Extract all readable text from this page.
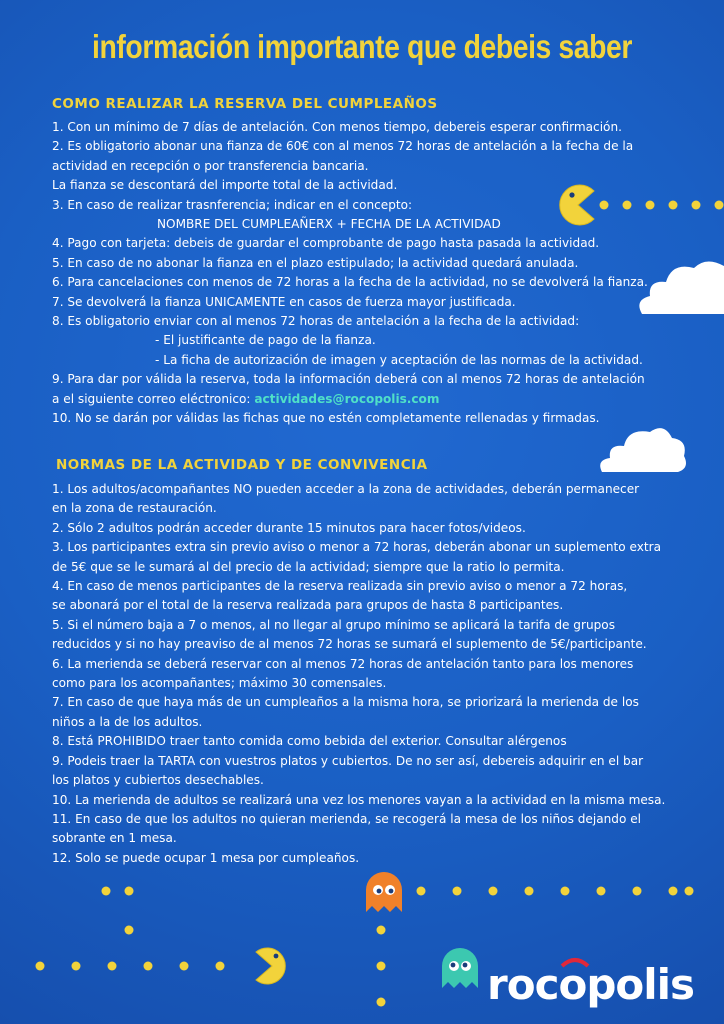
información importante que debeis saber
COMO REALIZAR LA RESERVA DEL CUMPLEAÑOS
1. Con un mínimo de 7 días de antelación. Con menos tiempo, debereis esperar confirmación.
2. Es obligatorio abonar una fianza de 60€ con al menos 72 horas de antelación a la fecha de la
actividad en recepción o por transferencia bancaria.
La fianza se descontará del importe total de la actividad.
3. En caso de realizar trasnferencia; indicar en el concepto:
NOMBRE DEL CUMPLEAÑERX + FECHA DE LA ACTIVIDAD
4. Pago con tarjeta: debeis de guardar el comprobante de pago hasta pasada la actividad.
5. En caso de no abonar la fianza en el plazo estipulado; la actividad quedará anulada.
6. Para cancelaciones con menos de 72 horas a la fecha de la actividad, no se devolverá la fianza.
7. Se devolverá la fianza UNICAMENTE en casos de fuerza mayor justificada.
8. Es obligatorio enviar con al menos 72 horas de antelación a la fecha de la actividad:
- El justificante de pago de la fianza.
- La ficha de autorización de imagen y aceptación de las normas de la actividad.
9. Para dar por válida la reserva, toda la información deberá con al menos 72 horas de antelación
a el siguiente correo eléctronico: actividades@rocopolis.com
10. No se darán por válidas las fichas que no estén completamente rellenadas y firmadas.
NORMAS DE LA ACTIVIDAD Y DE CONVIVENCIA
1. Los adultos/acompañantes NO pueden acceder a la zona de actividades, deberán permanecer
en la zona de restauración.
2. Sólo 2 adultos podrán acceder durante 15 minutos para hacer fotos/videos.
3. Los participantes extra sin previo aviso o menor a 72 horas, deberán abonar un suplemento extra
de 5€ que se le sumará al del precio de la actividad; siempre que la ratio lo permita.
4. En caso de menos participantes de la reserva realizada sin previo aviso o menor a 72 horas,
se abonará por el total de la reserva realizada para grupos de hasta 8 participantes.
5. Si el número baja a 7 o menos, al no llegar al grupo mínimo se aplicará la tarifa de grupos
reducidos y si no hay preaviso de al menos 72 horas se sumará el suplemento de 5€/participante.
6. La merienda se deberá reservar con al menos 72 horas de antelación tanto para los menores
como para los acompañantes; máximo 30 comensales.
7. En caso de que haya más de un cumpleaños a la misma hora, se priorizará la merienda de los
niños a la de los adultos.
8. Está PROHIBIDO traer tanto comida como bebida del exterior. Consultar alérgenos
9. Podeis traer la TARTA con vuestros platos y cubiertos. De no ser así, debereis adquirir en el bar
los platos y cubiertos desechables.
10. La merienda de adultos se realizará una vez los menores vayan a la actividad en la misma mesa.
11. En caso de que los adultos no quieran merienda, se recogerá la mesa de los niños dejando el
sobrante en 1 mesa.
12. Solo se puede ocupar 1 mesa por cumpleaños.
rocopolis
